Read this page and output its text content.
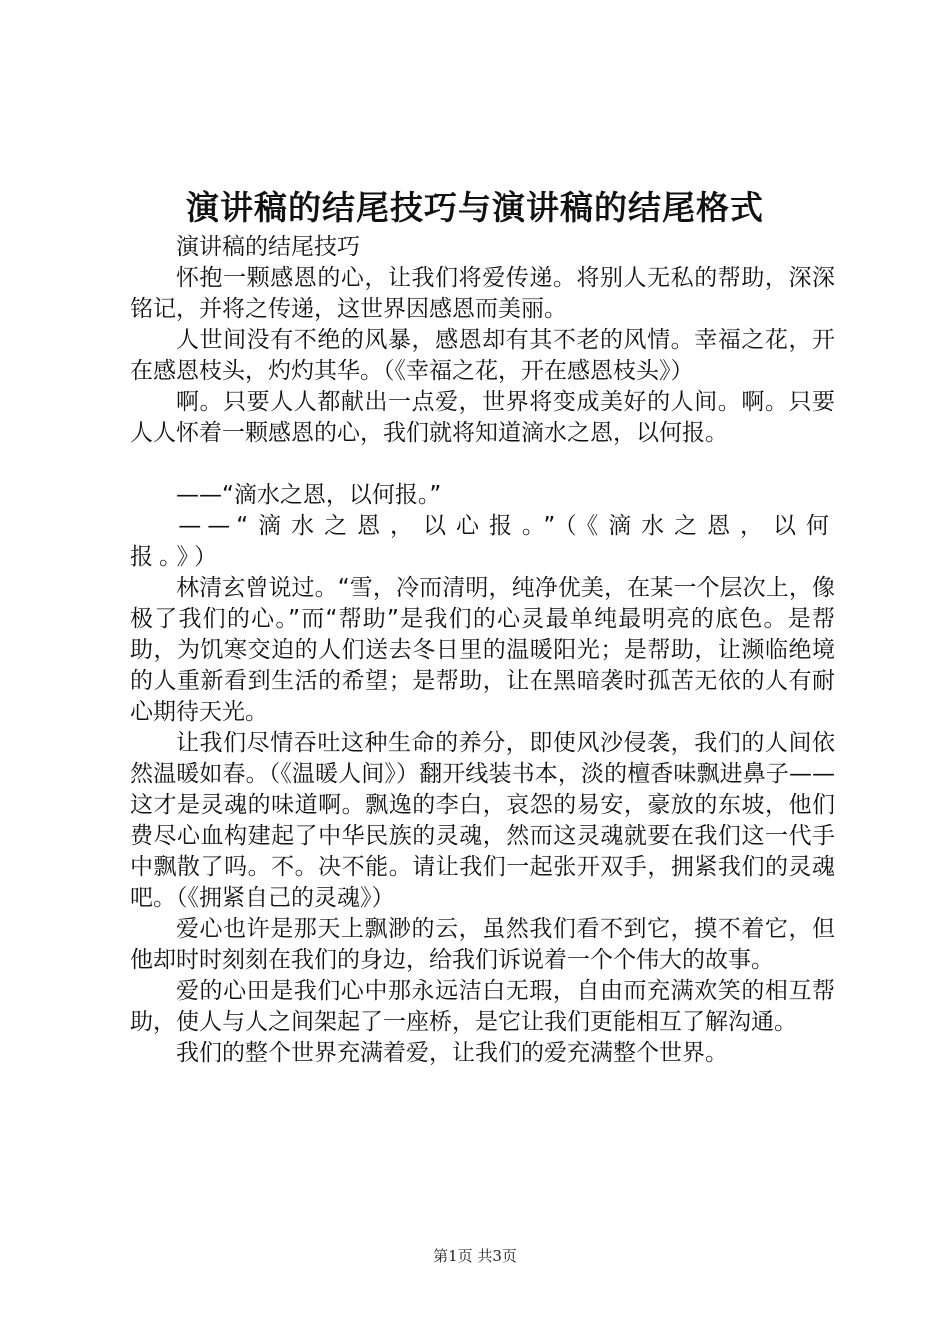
演讲稿的结尾技巧与演讲稿的结尾格式

演讲稿的结尾技巧

怀抱一颗感恩的心，让我们将爱传递。将别人无私的帮助，深深铭记，并将之传递，这世界因感恩而美丽。

人世间没有不绝的风暴，感恩却有其不老的风情。幸福之花，开在感恩枝头，灼灼其华。（《幸福之花，开在感恩枝头》）

啊。只要人人都献出一点爱，世界将变成美好的人间。啊。只要人人怀着一颗感恩的心，我们就将知道滴水之恩，以何报。

——“滴水之恩，以何报。”

——“滴水之恩，以心报。”（《滴水之恩，以何报。》）

林清玄曾说过。“雪，冷而清明，纯净优美，在某一个层次上，像极了我们的心。”而“帮助”是我们的心灵最单纯最明亮的底色。是帮助，为饥寒交迫的人们送去冬日里的温暖阳光；是帮助，让濒临绝境的人重新看到生活的希望；是帮助，让在黑暗袭时孤苦无依的人有耐心期待天光。

让我们尽情吞吐这种生命的养分，即使风沙侵袭，我们的人间依然温暖如春。（《温暖人间》）翻开线装书本，淡的檀香味飘进鼻子——这才是灵魂的味道啊。飘逸的李白，哀怨的易安，豪放的东坡，他们费尽心血构建起了中华民族的灵魂，然而这灵魂就要在我们这一代手中飘散了吗。不。决不能。请让我们一起张开双手，拥紧我们的灵魂吧。（《拥紧自己的灵魂》）

爱心也许是那天上飘渺的云，虽然我们看不到它，摸不着它，但他却时时刻刻在我们的身边，给我们诉说着一个个伟大的故事。

爱的心田是我们心中那永远洁白无瑕，自由而充满欢笑的相互帮助，使人与人之间架起了一座桥，是它让我们更能相互了解沟通。

我们的整个世界充满着爱，让我们的爱充满整个世界。

第1页 共3页
